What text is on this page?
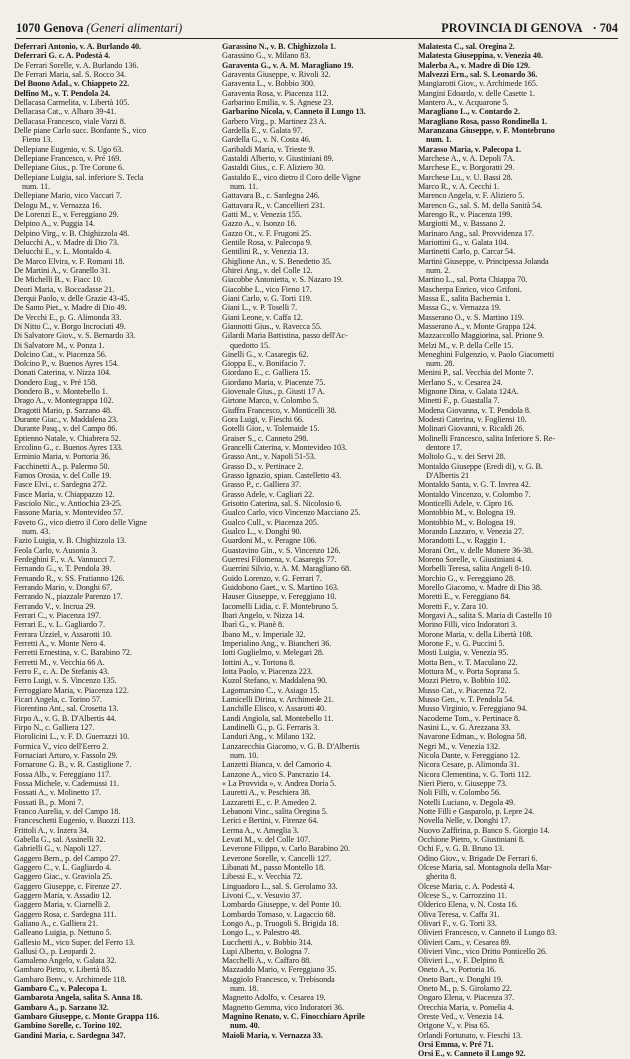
1070 Genova (Generi alimentari)	PROVINCIA DI GENOVA · 704
Deferrari Antonio, v. A. Burlando 40.
Deferrari G. c. A. Podestà 4.
De Ferrari Sorelle, v. A. Burlando 136.
De Ferrari Maria, sal. S. Rocco 34.
Del Buono Adal., v. Chiappeto 22.
Delfino M., v. T. Pendola 24.
Dellacasa Carmelita, v. Libertà 105.
Dellacasa Cat., v. Albaro 39-41.
Dellacasa Francesco, viale Varzi 8.
Delle piane Carlo succ. Bonfante S., vico
Fieno 13.
Dellepiane Eugenio, v. S. Ugo 63.
Dellepiane Francesco, v. Pré 169.
Dellepiane Gius., p. Tre Corone 6.
Dellepiane Luigia, sal. inferiore S. Tecla
num. 11.
Dellepiane Mario, vico Vaccari 7.
Delogu M., v. Vernazza 16.
De Lorenzi E., v. Fereggiano 29.
Delpino A., v. Puggia 14.
Delpino Virg., v. B. Chighizzola 48.
Delucchi A., v. Madre di Dio 73.
Delucchi E., v. L. Montaldo 4.
De Marco Elvira, v. F. Romani 18.
De Martini A., v. Granello 31.
De Michelli B., v. Fiacc 10.
Deori Maria, v. Boccadasse 21.
Derqui Paolo, v. delle Grazie 43-45.
De Santo Piet., v. Madre di Dio 49.
De Vecchi E., p. G. Alimonda 33.
Di Nitto C., v. Borgo Incrociati 49.
Di Salvatore Giov., v. S. Bernardo 33.
Di Salvatore M., v. Ponza 1.
Dolcino Cat., v. Piacenza 56.
Dolcino P., v. Buenos Ayres 154.
Donati Caterina, v. Nizza 104.
Dondero Eug., v. Pré 158.
Dondero B., v. Montebello 1.
Drago A., v. Montegrappa 102.
Dragotti Mario, p. Sarzano 48.
Durante Giac., v. Maddalena 23.
Durante Pasq., v. del Campo 86.
Eptienno Natale, v. Chiabrera 52.
Ercolino G., c. Buenos Ayres 133.
Erminio Maria, v. Portoria 36.
Facchinetti A., p. Palermo 50.
Famos Orosia, v. del Colle 19.
Fasce Elvi., c. Sardegna 272.
Fasce Maria, v. Chiappazzo 12.
Fasciolo Nic., v. Antiochia 23-25.
Fassone Maria, v. Montevideo 57.
Faveto G., vico dietro il Coro delle Vigne
num. 43.
Fazio Luigia, v. B. Chighizzola 13.
Feola Carlo, v. Ausonia 3.
Ferdeghini F., v. A. Vannucci 7.
Fernando G., v. T. Pendola 39.
Fernando R., v. SS. Fratianno 126.
Ferrando Mario, v. Donghi 67.
Ferrando N., piazzale Parenzo 17.
Ferrando V., v. Incrua 29.
Ferrari C., v. Piacenza 197.
Ferrari E., v. L. Gagliardo 7.
Ferrara Uzziel, v. Assarotti 10.
Ferretti A., v. Monte Nero 4.
Ferretti Ernestina, v. C. Barabino 72.
Ferretti M., v. Vecchia 66 A.
Ferro F., c. A. De Stefanis 43.
Ferro Luigi, v. S. Vincenzo 135.
Ferroggiaro Maria, v. Piacenza 122.
Ficari Angela, c. Torino 57.
Fiorentino Ant., sal. Crosetta 13.
Firpo A., v. G. B. D'Albertis 44.
Firpo N., c. Galliera 127.
Fiorolicini L., v. F. D. Guerrazzi 10.
Formica V., vico dell'Eerro 2.
Fornaciari Arturo, v. Fassolo 29.
Fornarone G. B., v. R. Castiglione 7.
Fossa Alb., v. Fereggiano 117.
Fossa Michele, v. Cademussi 11.
Fossati A., v. Molinetto 17.
Fossati B., p. Moni 7.
Franco Aurelia, v. del Campo 18.
Franceschetti Eugenio, v. Buozzi 113.
Frittoli A., v. Inzera 34.
Gabella G., sal. Assinelli 32.
Gabrielli G., v. Napoli 127.
Gaggero Bern., p. del Campo 27.
Gaggero C., v. L. Gagliardo 4.
Gaggero Giac., v. Graviola 25.
Gaggero Giuseppe, c. Firenze 27.
Gaggero Maria, v. Assadio 12.
Gaggero Maria, v. Ciarnelli 2.
Gaggero Rosa, c. Sardegna 111.
Galiano A., c. Galliera 21.
Galleano Luigia, p. Nettuno 5.
Gallesio M., vico Super. del Ferro 13.
Gallusi O., p. Leopardi 2.
Gamaleno Angelo, v. Galata 32.
Gambaro Pietro, v. Libertà 85.
Gambaro Benv., v. Archimede 118.
Gambaro C., v. Palecopa 1.
Gambarota Angela, salita S. Anna 18.
Gambaro A., p. Sarzano 32.
Gambaro Giuseppe, c. Monte Grappa 116.
Gambino Sorelle, c. Torino 102.
Gandini Maria, c. Sardegna 347.
Garassino N., v. B. Chighizzola 1.
Garassino G., v. Milano 83.
Garaventa G., v. A. M. Maragliano 19.
Garaventa Giuseppe, v. Rivoli 32.
Garaventa L., v. Bobbio 300.
Garaventa Rosa, v. Piacenza 112.
Garbarino Emilia, v. S. Agnese 23.
Garbarino Nicola, v. Canneto il Lungo 13.
Garbero Virg., p. Martinez 23 A.
Gardella E., v. Galata 97.
Gardella G., v. N. Costa 46.
Garibaldi Maria, v. Trieste 9.
Gastaldi Alberto, v. Giustiniani 89.
Gastaldi Gius., c. F. Aliziero 30.
Gastaldo E., vico dietro il Coro delle Vigne
num. 11.
Gattavara B., c. Sardegna 246.
Gattavara R., v. Cancellieri 231.
Gatti M., v. Venezia 155.
Gazzo A., v. Isonzo 16.
Gazzo Ot., v. F. Frugoni 25.
Gentile Rosa, v. Palecopa 9.
Gentilini R., v. Venezia 13.
Ghiglione An., v. S. Benedetto 35.
Ghirei Ang., v. del Colle 12.
Giacobbe Antonietta, v. S. Nazaro 19.
Giacobbe L., vico Fieno 17.
Giani Carlo, v. G. Torti 119.
Giani L., v. P. Toselli 7.
Giani Leone, v. Caffa 12.
Giannotti Gius., v. Ravecca 55.
Gilardi Maria Battistina, passo dell'Ac-
quedotto 15.
Ginelli G., v. Casaregis 62.
Gioppa E., v. Bonifacio 7.
Giordano E., c. Galliera 15.
Giordano Maria, v. Piacenze 75.
Giovenale Gius., p. Giusti 17 A.
Girtone Marco, v. Colombo 5.
Giuffra Francesco, v. Monticelli 38.
Gora Luigi, v. Fieschi 66.
Gotelli Gior., v. Tolemaide 15.
Graiser S., c. Canneto 298.
Grancelli Caterina, v. Montevideo 103.
Grasso Ant., v. Napoli 51-53.
Grasso D., v. Pertinace 2.
Grasso Ignazio, spian. Castelletto 43.
Grasso P., c. Galliera 37.
Grasso Adele, v. Cagliari 22.
Grisotto Caterina, sal. S. Nicolosio 6.
Gualco Carlo, vico Vincenzo Macciano 25.
Gualco Cull., v. Piacenza 205.
Gualco L., v. Donghi 90.
Guardoni M., v. Peragne 106.
Guastavino Gin., v. S. Vincenzo 126.
Guerresi Filomena, v. Casaregis 77.
Guerrini Silvio, v. A. M. Maragliano 68.
Guido Lorenzo, v. G. Ferrari 7.
Guidobono Gaet., v. S. Martino 163.
Hauser Giuseppe, v. Fereggiano 10.
Iacomelli Lidia, c. F. Montebruno 5.
Ibari Angelo, v. Nizza 14.
Ibarì G., v. Pianè 8.
Ibano M., v. Imperiale 32.
Imperialino Ang., v. Biancheri 36.
Iotti Guglielmo, v. Melegari 28.
Iottini A., v. Tortona 8.
Iotta Paolo, v. Piacenza 223.
Kuzol Stefano, v. Maddalena 90.
Lagomarsino C., v. Asiago 15.
Lamicelli Dirina, v. Archimede 21.
Lanchille Elisco, v. Assarotti 40.
Landi Angiola, sal. Montebello 11.
Landinelli G., p. G. Ferraris 3.
Landuri Ang., v. Milano 132.
Lanzarecchia Giacomo, v. G. B. D'Albertis
num. 10.
Lanzetti Bianca, v. del Camorio 4.
Lanzone A., vico S. Pancrazio 14.
« La Provvida », v. Andrea Doria 5.
Lauretti A., v. Peschiera 38.
Lazzaretti E., c. P. Amedeo 2.
Lebanoni Vinc., salita Oregina 5.
Lerici e Bertini, v. Firenze 64.
Lerma A., v. Ameglia 3.
Levati M., v. del Colle 107.
Leverone Filippo, v. Carlo Barabino 20.
Leverone Sorelle, v. Cancelli 127.
Libanati M., passo Montello 18.
Libessi E., v. Vecchia 72.
Linguadoro L., sal. S. Gerolamo 33.
Livoni C., v. Vesuvio 37.
Lombardo Giuseppe, v. del Ponte 10.
Lombardo Tomaso, v. Lagaccio 68.
Longo A., p. Truogoli S. Brigida 18.
Longo L., v. Palestro 48.
Lucchetti A., v. Bobbio 314.
Lupi Alberto, v. Bologna 7.
Macchelli A., v. Caffaro 88.
Mazzaddo Mario, v. Fereggiano 35.
Maggiolo Francesco, v. Trebisonda
num. 18.
Magnetto Adolfo, v. Cesarea 19.
Magnetto Gemma, vico Indoratori 36.
Magnino Renato, v. C. Finocchiaro Aprile
num. 40.
Maioli Maria, v. Vernazza 33.
Malatesta C., sal. Oregina 2.
Malatesta Giuseppina, v. Venezia 40.
Malerba A., v. Madre di Dio 129.
Malvezzi Ern., sal. S. Leonardo 36.
Mangiarotti Giov., v. Archimede 165.
Mangini Edoardo, v. delle Casette 1.
Mantero A., v. Acquarone 5.
Maragliano L., v. Contardo 2.
Maragliano Rosa, passo Rondinella 1.
Maranzana Giuseppe, v. F. Montebruno
num. 1.
Marasso Maria, v. Palecopa 1.
Marchese A., v. A. Depoli 7A.
Marchese E., v. Borgoratti 29.
Marchese Lu., v. U. Bassi 28.
Marco R., v. A. Cecchi 1.
Marenco Angela, v. F. Aliziero 5.
Marenco G., sal. S. M. della Sanità 54.
Marengo R., v. Piacenza 199.
Margiotti M., v. Bassano 2.
Marinaro Ang., sal. Provvidenza 17.
Mariottini G., v. Galata 104.
Martinetti Carlo, p. Carcar 54.
Martini Giuseppe, v. Principessa Jolanda
num. 2.
Martino L., sal. Porta Chiappa 70.
Mascherpa Enrico, vico Grifoni.
Massa E., salita Bachernia 1.
Massa G., v. Vernazza 19.
Masserano O., v. S. Martino 119.
Masserano A., v. Monte Grappa 124.
Mazzaccollo Maggiorina, sal. Prione 9.
Melzi M., v. P. della Celle 15.
Meneghini Fulgenzio, v. Paolo Giacometti
num. 28.
Menini P., sal. Vecchia del Monte 7.
Merlano S., v. Cesarea 24.
Mignone Dina, v. Galata 124A.
Minetti F., p. Guastalla 7.
Modena Giovanna, v. T. Pendola 8.
Modesti Caterina, v. Fogliensi 10.
Molinari Giovanni, v. Ricaldi 26.
Molinelli Francesco, salita Inferiore S. Re-
dentore 17.
Moltolo G., v. dei Servi 28.
Montaldo Giuseppe (Eredi di), v. G. B.
D'Albertis 21
Montaldo Santa, v. G. T. Invrea 42.
Montaldo Vincenzo, v. Colombo 7.
Monticelli Adele, v. Cipro 16.
Montobbio M., v. Bologna 19.
Montobbio M., v. Bologna 19.
Morando Lazzaro, v. Venezia 27.
Morandotti L., v. Raggio 1.
Morani Ort., v. delle Monere 36-38.
Moreno Sorelle, v. Giustiniani 4.
Morbelli Teresa, salita Angeli 8-10.
Morchio G., v. Fereggiano 28.
Morello Giacomo, v. Madre di Dio 38.
Moretti E., v. Fereggiano 84.
Moretti F., v. Zara 10.
Morgavi A., salita S. Maria di Castello 10
Morino Filli, vico Indoratori 3.
Morone Maria, v. della Libertà 108.
Morone F., v. G. Puccini 5.
Mosti Luigia, v. Venezia 95.
Motta Ben., v. T. Maculano 22.
Mottura M., v. Porta Soprana 5.
Mozzi Pietro, v. Bobbio 102.
Musso Cat., v. Piacenza 72.
Musso Gen., v. T. Pendola 54.
Musso Virginio, v. Fereggiano 94.
Nacodeme Tom., v. Pertinace 8.
Nasini L., v. G. Arezzana 33.
Navarone Edman., v. Bologna 58.
Negri M., v. Venezia 132.
Nicola Dante, v. Fereggiano 12.
Nicora Cesare, p. Alimonda 31.
Nicora Clementina, v. G. Torti 112.
Nieri Piero, v. Giuseppe 73.
Noli Filli, v. Colombo 56.
Notelli Luciano, v. Degola 49.
Notte Filli e Gasparolo, p. Lepre 24.
Novella Nelle, v. Donghi 17.
Nuovo Zaffirina, p. Banco S. Giorgio 14.
Occhione Pietro, v. Giustiniani 8.
Ochi F., v. G. B. Bruno 13.
Odino Giov., v. Brigade De Ferrari 6.
Olcese Maria, sal. Montagnola della Mar-
gherita 8.
Olcese Maria, c. A. Podestà 4.
Olcese S., v. Carrozzino 11.
Olderico Elena, v. N. Costa 16.
Oliva Teresa, v. Caffa 31.
Olivari F., v. G. Torti 33.
Olivieri Francesco, v. Canneto il Lungo 83.
Olivieri Cam., v. Cesarea 89.
Olivieri Vinc., vico Dritto Ponticello 26.
Olivieri L., v. F. Delpino 8.
Oneto A., v. Portoria 16.
Oneto Bart., v. Donghi 19.
Oneto M., p. S. Girolamo 22.
Ongaro Elena, v. Piacenza 37.
Orecchia Maria, v. Pomelia 4.
Oreste Ved., v. Venezia 14.
Origone V., v. Pisa 65.
Orlandi Fortunato, v. Fieschi 13.
Orsi Emma, v. Pré 71.
Orsi E., v. Canneto il Lungo 92.
